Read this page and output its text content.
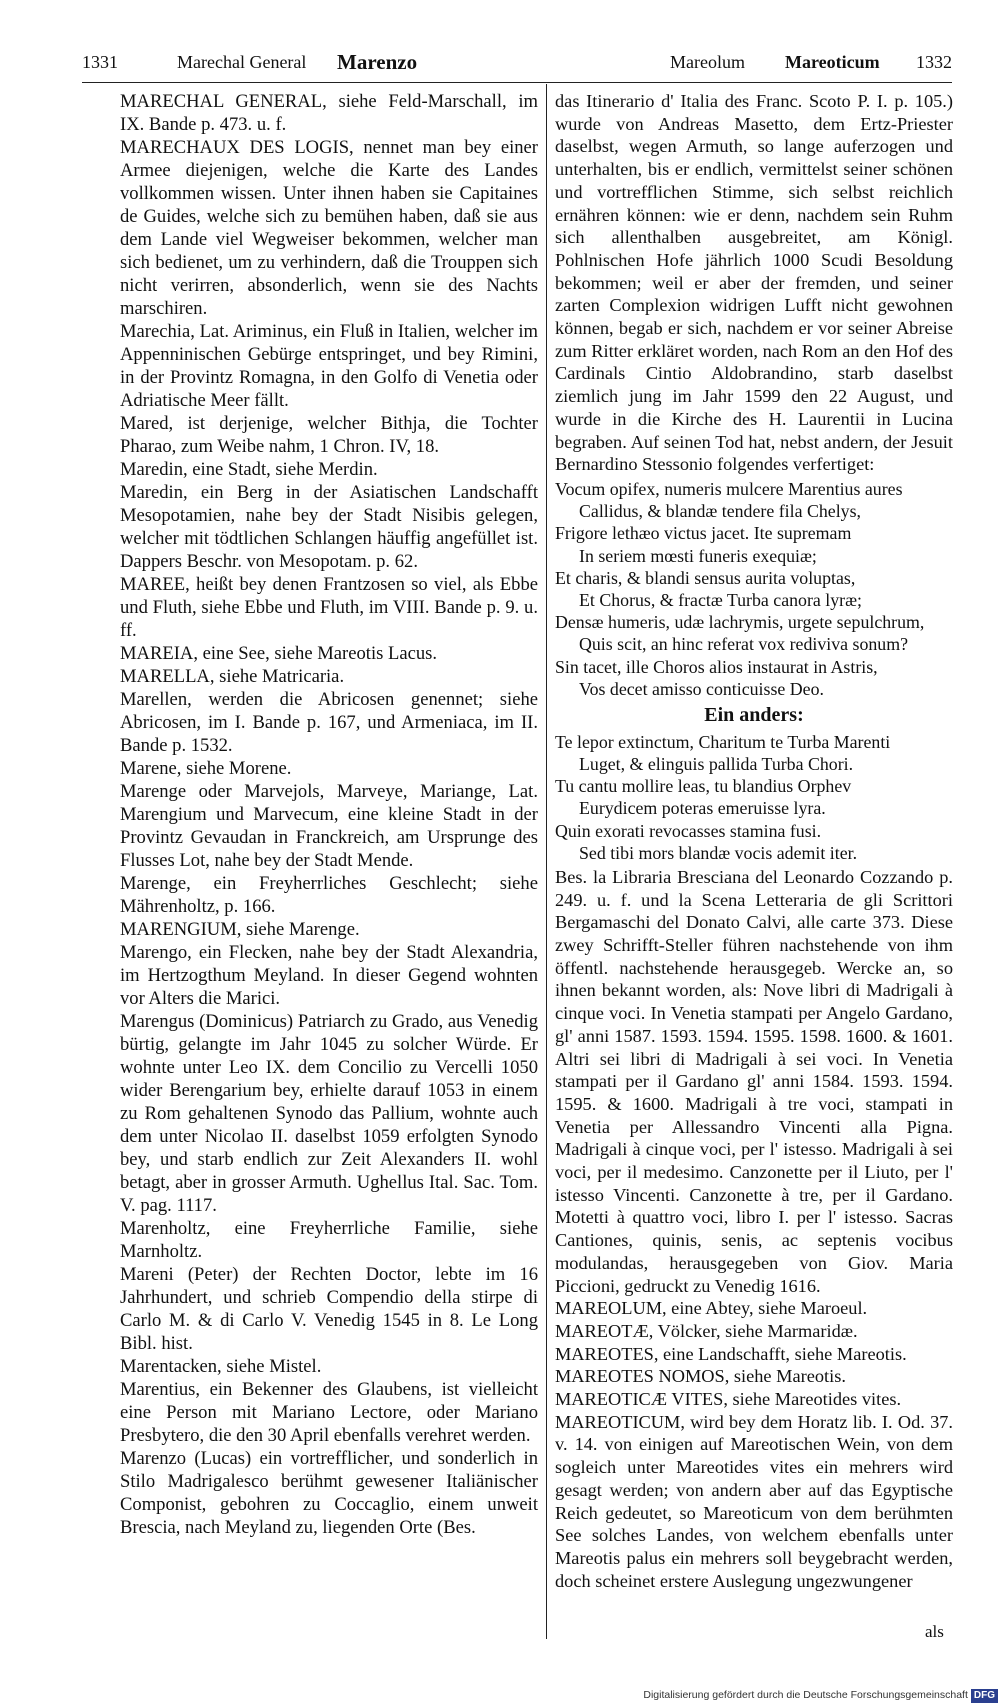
1331	Marechal General Marenzo	Mareolum Mareoticum 1332

MARECHAL GENERAL, siehe Feld-Marschall, im IX. Bande p. 473. u. f.

MARECHAUX DES LOGIS, nennet man bey einer Armee diejenigen, welche die Karte des Landes vollkommen wissen. Unter ihnen haben sie Capitaines de Guides, welche sich zu bemühen haben, daß sie aus dem Lande viel Wegweiser bekommen, welcher man sich bedienet, um zu verhindern, daß die Trouppen sich nicht verirren, absonderlich, wenn sie des Nachts marschiren.

Marechia, Lat. Ariminus, ein Fluß in Italien, welcher im Appenninischen Gebürge entspringet, und bey Rimini, in der Provintz Romagna, in den Golfo di Venetia oder Adriatische Meer fällt.

Mared, ist derjenige, welcher Bithja, die Tochter Pharao, zum Weibe nahm, 1 Chron. IV, 18.

Maredin, eine Stadt, siehe Merdin.

Maredin, ein Berg in der Asiatischen Landschafft Mesopotamien, nahe bey der Stadt Nisibis gelegen, welcher mit tödtlichen Schlangen häuffig angefüllet ist. Dappers Beschr. von Mesopotam. p. 62.

MAREE, heißt bey denen Frantzosen so viel, als Ebbe und Fluth, siehe Ebbe und Fluth, im VIII. Bande p. 9. u. ff.

MAREIA, eine See, siehe Mareotis Lacus.

MARELLA, siehe Matricaria.

Marellen, werden die Abricosen genennet; siehe Abricosen, im I. Bande p. 167, und Armeniaca, im II. Bande p. 1532.

Marene, siehe Morene.

Marenge oder Marvejols, Marveye, Mariange, Lat. Marengium und Marvecum, eine kleine Stadt in der Provintz Gevaudan in Franckreich, am Ursprunge des Flusses Lot, nahe bey der Stadt Mende.

Marenge, ein Freyherrliches Geschlecht; siehe Mährenholtz, p. 166.

MARENGIUM, siehe Marenge.

Marengo, ein Flecken, nahe bey der Stadt Alexandria, im Hertzogthum Meyland. In dieser Gegend wohnten vor Alters die Marici.

Marengus (Dominicus) Patriarch zu Grado, aus Venedig bürtig, gelangte im Jahr 1045 zu solcher Würde. Er wohnte unter Leo IX. dem Concilio zu Vercelli 1050 wider Berengarium bey, erhielte darauf 1053 in einem zu Rom gehaltenen Synodo das Pallium, wohnte auch dem unter Nicolao II. daselbst 1059 erfolgten Synodo bey, und starb endlich zur Zeit Alexanders II. wohl betagt, aber in grosser Armuth. Ughellus Ital. Sac. Tom. V. pag. 1117.

Marenholtz, eine Freyherrliche Familie, siehe Marnholtz.

Mareni (Peter) der Rechten Doctor, lebte im 16 Jahrhundert, und schrieb Compendio della stirpe di Carlo M. & di Carlo V. Venedig 1545 in 8. Le Long Bibl. hist.

Marentacken, siehe Mistel.

Marentius, ein Bekenner des Glaubens, ist vielleicht eine Person mit Mariano Lectore, oder Mariano Presbytero, die den 30 April ebenfalls verehret werden.

Marenzo (Lucas) ein vortrefflicher, und sonderlich in Stilo Madrigalesco berühmt gewesener Italiänischer Componist, gebohren zu Coccaglio, einem unweit Brescia, nach Meyland zu, liegenden Orte (Bes.

das Itinerario d' Italia des Franc. Scoto P. I. p. 105.) wurde von Andreas Masetto, dem Ertz-Priester daselbst, wegen Armuth, so lange auferzogen und unterhalten, bis er endlich, vermittelst seiner schönen und vortrefflichen Stimme, sich selbst reichlich ernähren können: wie er denn, nachdem sein Ruhm sich allenthalben ausgebreitet, am Königl. Pohlnischen Hofe jährlich 1000 Scudi Besoldung bekommen; weil er aber der fremden, und seiner zarten Complexion widrigen Lufft nicht gewohnen können, begab er sich, nachdem er vor seiner Abreise zum Ritter erkläret worden, nach Rom an den Hof des Cardinals Cintio Aldobrandino, starb daselbst ziemlich jung im Jahr 1599 den 22 August, und wurde in die Kirche des H. Laurentii in Lucina begraben. Auf seinen Tod hat, nebst andern, der Jesuit Bernardino Stessonio folgendes verfertiget:

Vocum opifex, numeris mulcere Marentius aures
Callidus, & blandæ tendere fila Chelys,
Frigore lethæo victus jacet. Ite supremam
In seriem mœsti funeris exequiæ;
Et charis, & blandi sensus aurita voluptas,
Et Chorus, & fractæ Turba canora lyræ;
Densæ humeris, udæ lachrymis, urgete sepulchrum,
Quis scit, an hinc referat vox rediviva sonum?
Sin tacet, ille Choros alios instaurat in Astris,
Vos decet amisso conticuisse Deo.
Ein anders:
Te lepor extinctum, Charitum te Turba Marenti
Luget, & elinguis pallida Turba Chori.
Tu cantu mollire leas, tu blandius Orphev
Eurydicem poteras emeruisse lyra.
Quin exorati revocasses stamina fusi.
Sed tibi mors blandæ vocis ademit iter.

Bes. la Libraria Bresciana del Leonardo Cozzando p. 249. u. f. und la Scena Letteraria de gli Scrittori Bergamaschi del Donato Calvi, alle carte 373. Diese zwey Schrifft-Steller führen nachstehende von ihm öffentl. nachstehende herausgegeb. Wercke an, so ihnen bekannt worden, als: Nove libri di Madrigali à cinque voci. In Venetia stampati per Angelo Gardano, gl' anni 1587. 1593. 1594. 1595. 1598. 1600. & 1601. Altri sei libri di Madrigali à sei voci. In Venetia stampati per il Gardano gl' anni 1584. 1593. 1594. 1595. & 1600. Madrigali à tre voci, stampati in Venetia per Allessandro Vincenti alla Pigna. Madrigali à cinque voci, per l' istesso. Madrigali à sei voci, per il medesimo. Canzonette per il Liuto, per l' istesso Vincenti. Canzonette à tre, per il Gardano. Motetti à quattro voci, libro I. per l' istesso. Sacras Cantiones, quinis, senis, ac septenis vocibus modulandas, herausgegeben von Giov. Maria Piccioni, gedruckt zu Venedig 1616.

MAREOLUM, eine Abtey, siehe Maroeul.

MAREOTÆ, Völcker, siehe Marmaridæ.

MAREOTES, eine Landschafft, siehe Mareotis.

MAREOTES NOMOS, siehe Mareotis.

MAREOTICÆ VITES, siehe Mareotides vites.

MAREOTICUM, wird bey dem Horatz lib. I. Od. 37. v. 14. von einigen auf Mareotischen Wein, von dem sogleich unter Mareotides vites ein mehrers wird gesagt werden; von andern aber auf das Egyptische Reich gedeutet, so Mareoticum von dem berühmten See solches Landes, von welchem ebenfalls unter Mareotis palus ein mehrers soll beygebracht werden, doch scheinet erstere Auslegung ungezwungener

als
Digitalisierung gefördert durch die Deutsche Forschungsgemeinschaft DFG
